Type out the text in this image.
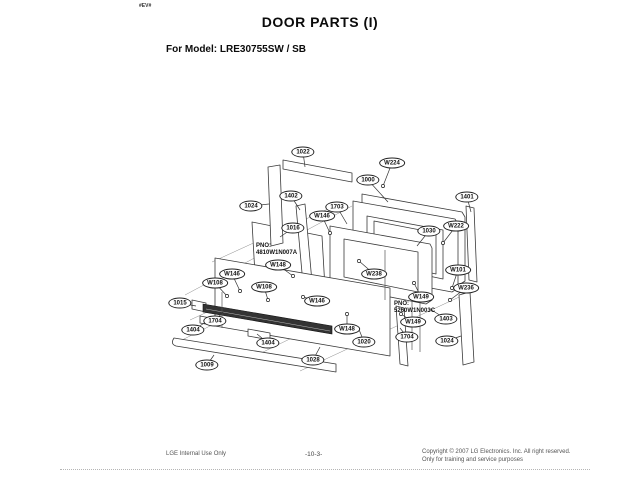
#EV#
DOOR PARTS (I)
For Model: LRE30755SW / SB
1022
W224
1000
1401
1402
1024	1703
W146
W222
1016	1030
W148
W101
W146	W238
W108
W108	W236
W149
W146
1015
1704	W149	1403
1404	W148
1704
1020
1404	1024
1028
1009
PNO:
4810W1N007A
PNO:
5260W1N003C
LGE Internal Use Only	-10-3-	Copyright © 2007 LG Electronics. Inc. All right reserved.
Only for training and service purposes
